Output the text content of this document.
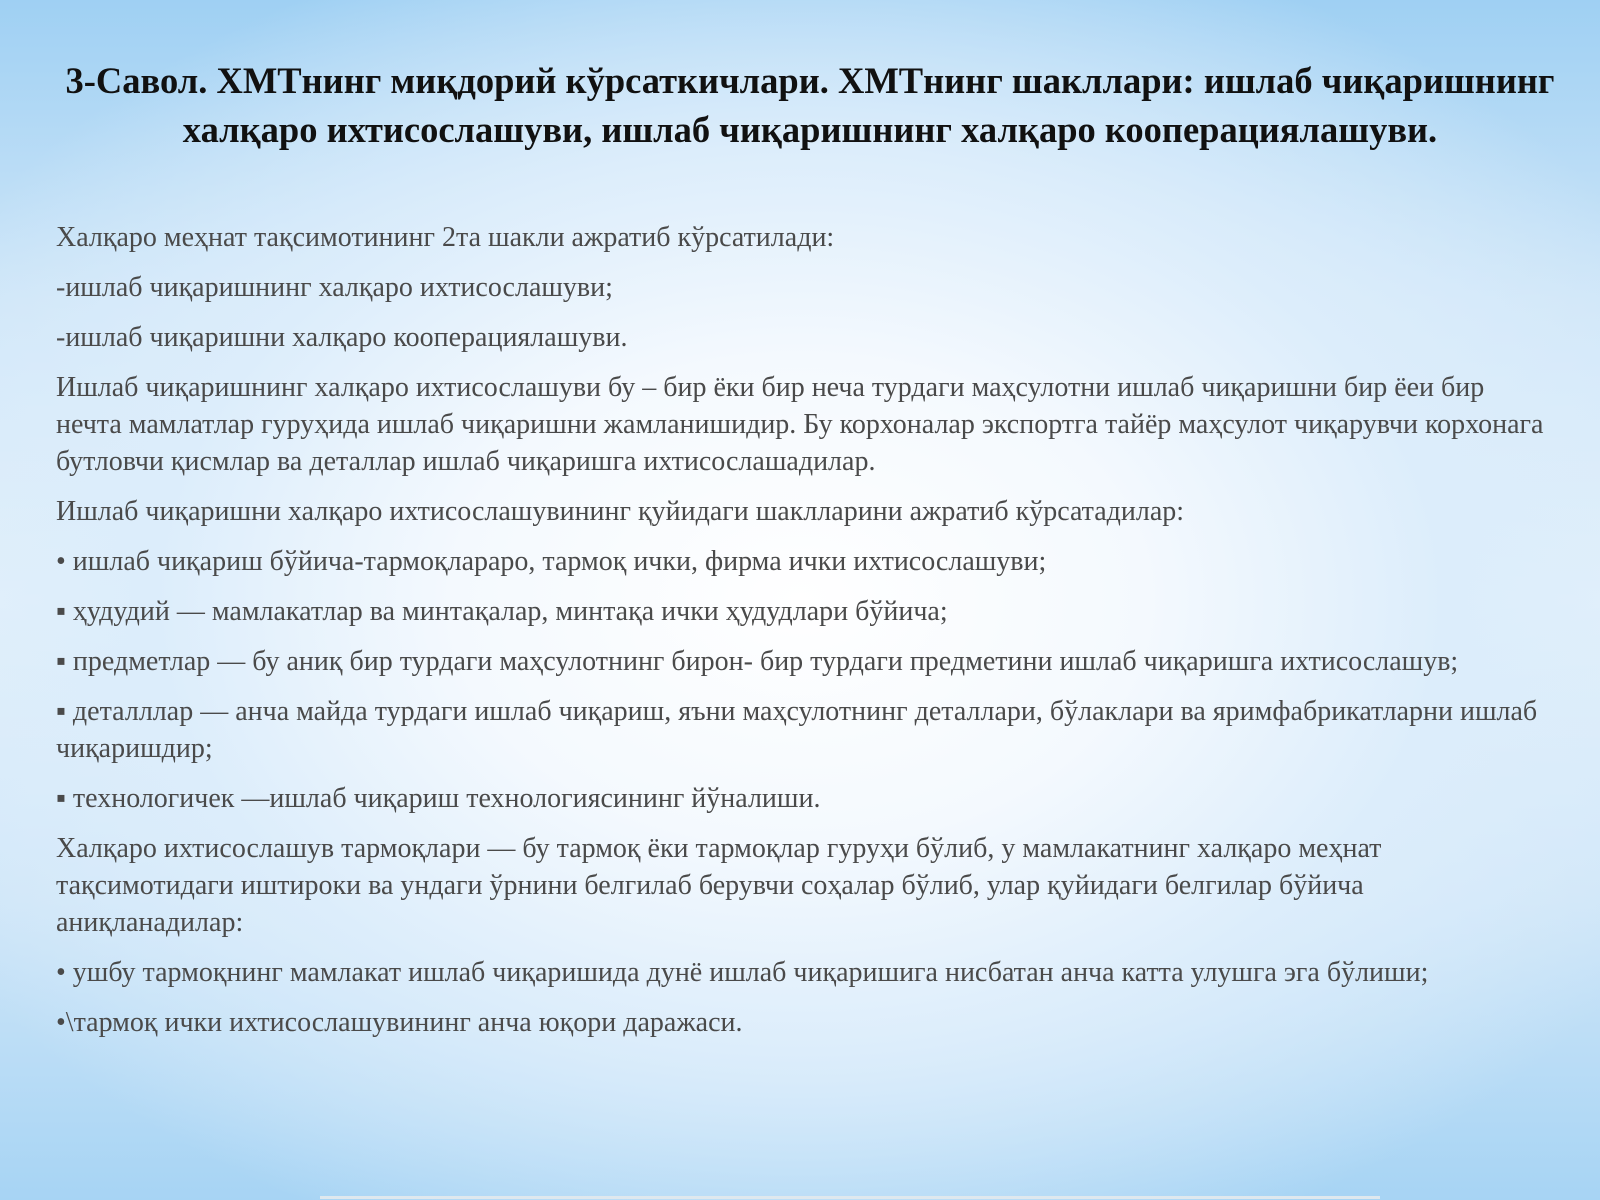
3-Савол. ХМТнинг миқдорий кўрсаткичлари. ХМТнинг шакллари: ишлаб чиқаришнинг халқаро ихтисослашуви, ишлаб чиқаришнинг халқаро кооперациялашуви.

Халқаро меҳнат тақсимотининг 2та шакли ажратиб кўрсатилади:

-ишлаб чиқаришнинг халқаро ихтисослашуви;

-ишлаб чиқаришни халқаро кооперациялашуви.

Ишлаб чиқаришнинг халқаро ихтисослашуви бу – бир ёки бир неча турдаги маҳсулотни ишлаб чиқаришни бир ёеи бир нечта мамлатлар гуруҳида ишлаб чиқаришни жамланишидир. Бу корхоналар экспортга тайёр маҳсулот чиқарувчи корхонага бутловчи қисмлар ва деталлар ишлаб чиқаришга ихтисослашадилар.

Ишлаб чиқаришни халқаро ихтисослашувининг қуйидаги шаклларини ажратиб кўрсатадилар:

• ишлаб чиқариш бўйича-тармоқлараро, тармоқ ички, фирма ички ихтисослашуви;

▪ ҳудудий — мамлакатлар ва минтақалар, минтақа ички ҳудудлари бўйича;

▪ предметлар — бу аниқ бир турдаги маҳсулотнинг бирон- бир турдаги предметини ишлаб чиқаришга ихтисослашув;

▪ деталллар — анча майда турдаги ишлаб чиқариш, яъни маҳсулотнинг деталлари, бўлаклари ва яримфабрикатларни ишлаб чиқаришдир;

▪ технологичек —ишлаб чиқариш технологиясининг йўналиши.

Халқаро ихтисослашув тармоқлари — бу тармоқ ёки тармоқлар гуруҳи бўлиб, у мамлакатнинг халқаро меҳнат тақсимотидаги иштироки ва ундаги ўрнини белгилаб берувчи соҳалар бўлиб, улар қуйидаги белгилар бўйича аниқланадилар:

• ушбу тармоқнинг мамлакат ишлаб чиқаришида дунё ишлаб чиқаришига нисбатан анча катта улушга эга бўлиши;

•\тармоқ ички ихтисослашувининг анча юқори даражаси.
